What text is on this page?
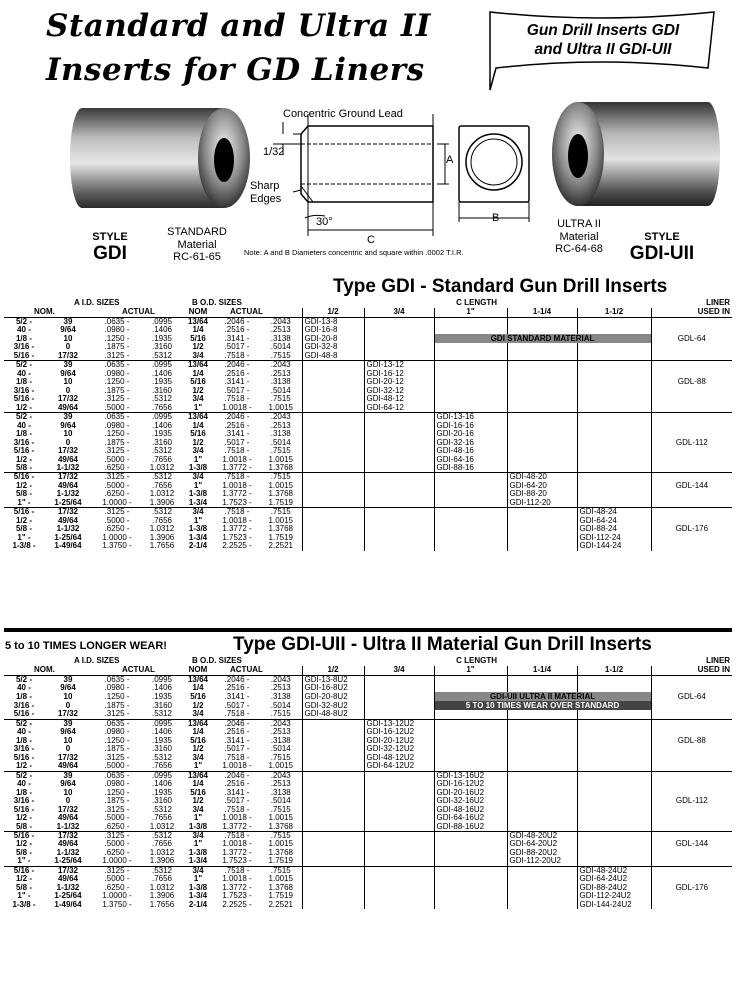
Standard and Ultra II
Inserts for GD Liners
Gun Drill Inserts GDI
and Ultra II GDI-UII
STYLE
GDI
STANDARD
Material
RC-61-65
ULTRA II
Material
RC-64-68
STYLE
GDI-UII
Concentric Ground Lead
1/32
Sharp
Edges
30°
A
B
C
Note: A and B Diameters concentric and square within .0002 T.I.R.
Type GDI - Standard Gun Drill Inserts
A I.D. SIZES				B O.D. SIZES			C LENGTH					LINER
NOM.		ACTUAL		NOM	ACTUAL		1/2	3/4	1"	1-1/4	1-1/2	USED IN
5/2 -	39	.0635 -	.0995	13/64	.2046 -	.2043	GDI-13-8					
40 -	9/64	.0980 -	.1406	1/4	.2516 -	.2513	GDI-16-8					
1/8 -	10	.1250 -	.1935	5/16	.3141 -	.3138	GDI-20-8		GDI STANDARD MATERIAL			GDL-64
3/16 -	0	.1875 -	.3160	1/2	.5017 -	.5014	GDI-32-8					
5/16 -	17/32	.3125 -	.5312	3/4	.7518 -	.7515	GDI-48-8					
5/2 -	39	.0635 -	.0995	13/64	.2046 -	.2043		GDI-13-12				
40 -	9/64	.0980 -	.1406	1/4	.2516 -	.2513		GDI-16-12				
1/8 -	10	.1250 -	.1935	5/16	.3141 -	.3138		GDI-20-12				GDL-88
3/16 -	0	.1875 -	.3160	1/2	.5017 -	.5014		GDI-32-12				
5/16 -	17/32	.3125 -	.5312	3/4	.7518 -	.7515		GDI-48-12				
1/2 -	49/64	.5000 -	.7656	1"	1.0018 -	1.0015		GDI-64-12				
5/2 -	39	.0635 -	.0995	13/64	.2046 -	.2043			GDI-13-16			
40 -	9/64	.0980 -	.1406	1/4	.2516 -	.2513			GDI-16-16			
1/8 -	10	.1250 -	.1935	5/16	.3141 -	.3138			GDI-20-16			
3/16 -	0	.1875 -	.3160	1/2	.5017 -	.5014			GDI-32-16			GDL-112
5/16 -	17/32	.3125 -	.5312	3/4	.7518 -	.7515			GDI-48-16			
1/2 -	49/64	.5000 -	.7656	1"	1.0018 -	1.0015			GDI-64-16			
5/8 -	1-1/32	.6250 -	1.0312	1-3/8	1.3772 -	1.3768			GDI-88-16			
5/16 -	17/32	.3125 -	.5312	3/4	.7518 -	.7515				GDI-48-20		
1/2 -	49/64	.5000 -	.7656	1"	1.0018 -	1.0015				GDI-64-20		GDL-144
5/8 -	1-1/32	.6250 -	1.0312	1-3/8	1.3772 -	1.3768				GDI-88-20		
1" -	1-25/64	1.0000 -	1.3906	1-3/4	1.7523 -	1.7519				GDI-112-20		
5/16 -	17/32	.3125 -	.5312	3/4	.7518 -	.7515					GDI-48-24	
1/2 -	49/64	.5000 -	.7656	1"	1.0018 -	1.0015					GDI-64-24	
5/8 -	1-1/32	.6250 -	1.0312	1-3/8	1.3772 -	1.3768					GDI-88-24	GDL-176
1" -	1-25/64	1.0000 -	1.3906	1-3/4	1.7523 -	1.7519					GDI-112-24	
1-3/8 -	1-49/64	1.3750 -	1.7656	2-1/4	2.2525 -	2.2521					GDI-144-24	
5 to 10 TIMES LONGER WEAR!	Type GDI-UII - Ultra II Material Gun Drill Inserts
A I.D. SIZES				B O.D. SIZES			C LENGTH					LINER
NOM.		ACTUAL		NOM	ACTUAL		1/2	3/4	1"	1-1/4	1-1/2	USED IN
5/2 -	39	.0635 -	.0995	13/64	.2046 -	.2043	GDI-13-8U2					
40 -	9/64	.0980 -	.1406	1/4	.2516 -	.2513	GDI-16-8U2					
1/8 -	10	.1250 -	.1935	5/16	.3141 -	.3138	GDI-20-8U2		GDI-UII ULTRA II MATERIAL			GDL-64
3/16 -	0	.1875 -	.3160	1/2	.5017 -	.5014	GDI-32-8U2		5 TO 10 TIMES WEAR OVER STANDARD			

5/16 -	17/32	.3125 -	.5312	3/4	.7518 -	.7515	GDI-48-8U2					
5/2 -	39	.0635 -	.0995	13/64	.2046 -	.2043		GDI-13-12U2				
40 -	9/64	.0980 -	.1406	1/4	.2516 -	.2513		GDI-16-12U2				
1/8 -	10	.1250 -	.1935	5/16	.3141 -	.3138		GDI-20-12U2				GDL-88
3/16 -	0	.1875 -	.3160	1/2	.5017 -	.5014		GDI-32-12U2				
5/16 -	17/32	.3125 -	.5312	3/4	.7518 -	.7515		GDI-48-12U2				
1/2 -	49/64	.5000 -	.7656	1"	1.0018 -	1.0015		GDI-64-12U2				
5/2 -	39	.0635 -	.0995	13/64	.2046 -	.2043			GDI-13-16U2			
40 -	9/64	.0980 -	.1406	1/4	.2516 -	.2513			GDI-16-12U2			
1/8 -	10	.1250 -	.1935	5/16	.3141 -	.3138			GDI-20-16U2			
3/16 -	0	.1875 -	.3160	1/2	.5017 -	.5014			GDI-32-16U2			GDL-112
5/16 -	17/32	.3125 -	.5312	3/4	.7518 -	.7515			GDI-48-16U2			
1/2 -	49/64	.5000 -	.7656	1"	1.0018 -	1.0015			GDI-64-16U2			
5/8 -	1-1/32	.6250 -	1.0312	1-3/8	1.3772 -	1.3768			GDI-88-16U2			
5/16 -	17/32	.3125 -	.5312	3/4	.7518 -	.7515				GDI-48-20U2		
1/2 -	49/64	.5000 -	.7656	1"	1.0018 -	1.0015				GDI-64-20U2		GDL-144
5/8 -	1-1/32	.6250 -	1.0312	1-3/8	1.3772 -	1.3768				GDI-88-20U2		
1" -	1-25/64	1.0000 -	1.3906	1-3/4	1.7523 -	1.7519				GDI-112-20U2		
5/16 -	17/32	.3125 -	.5312	3/4	.7518 -	.7515					GDI-48-24U2	
1/2 -	49/64	.5000 -	.7656	1"	1.0018 -	1.0015					GDI-64-24U2	
5/8 -	1-1/32	.6250 -	1.0312	1-3/8	1.3772 -	1.3768					GDI-88-24U2	GDL-176
1" -	1-25/64	1.0000 -	1.3906	1-3/4	1.7523 -	1.7519					GDI-112-24U2	
1-3/8 -	1-49/64	1.3750 -	1.7656	2-1/4	2.2525 -	2.2521					GDI-144-24U2	
